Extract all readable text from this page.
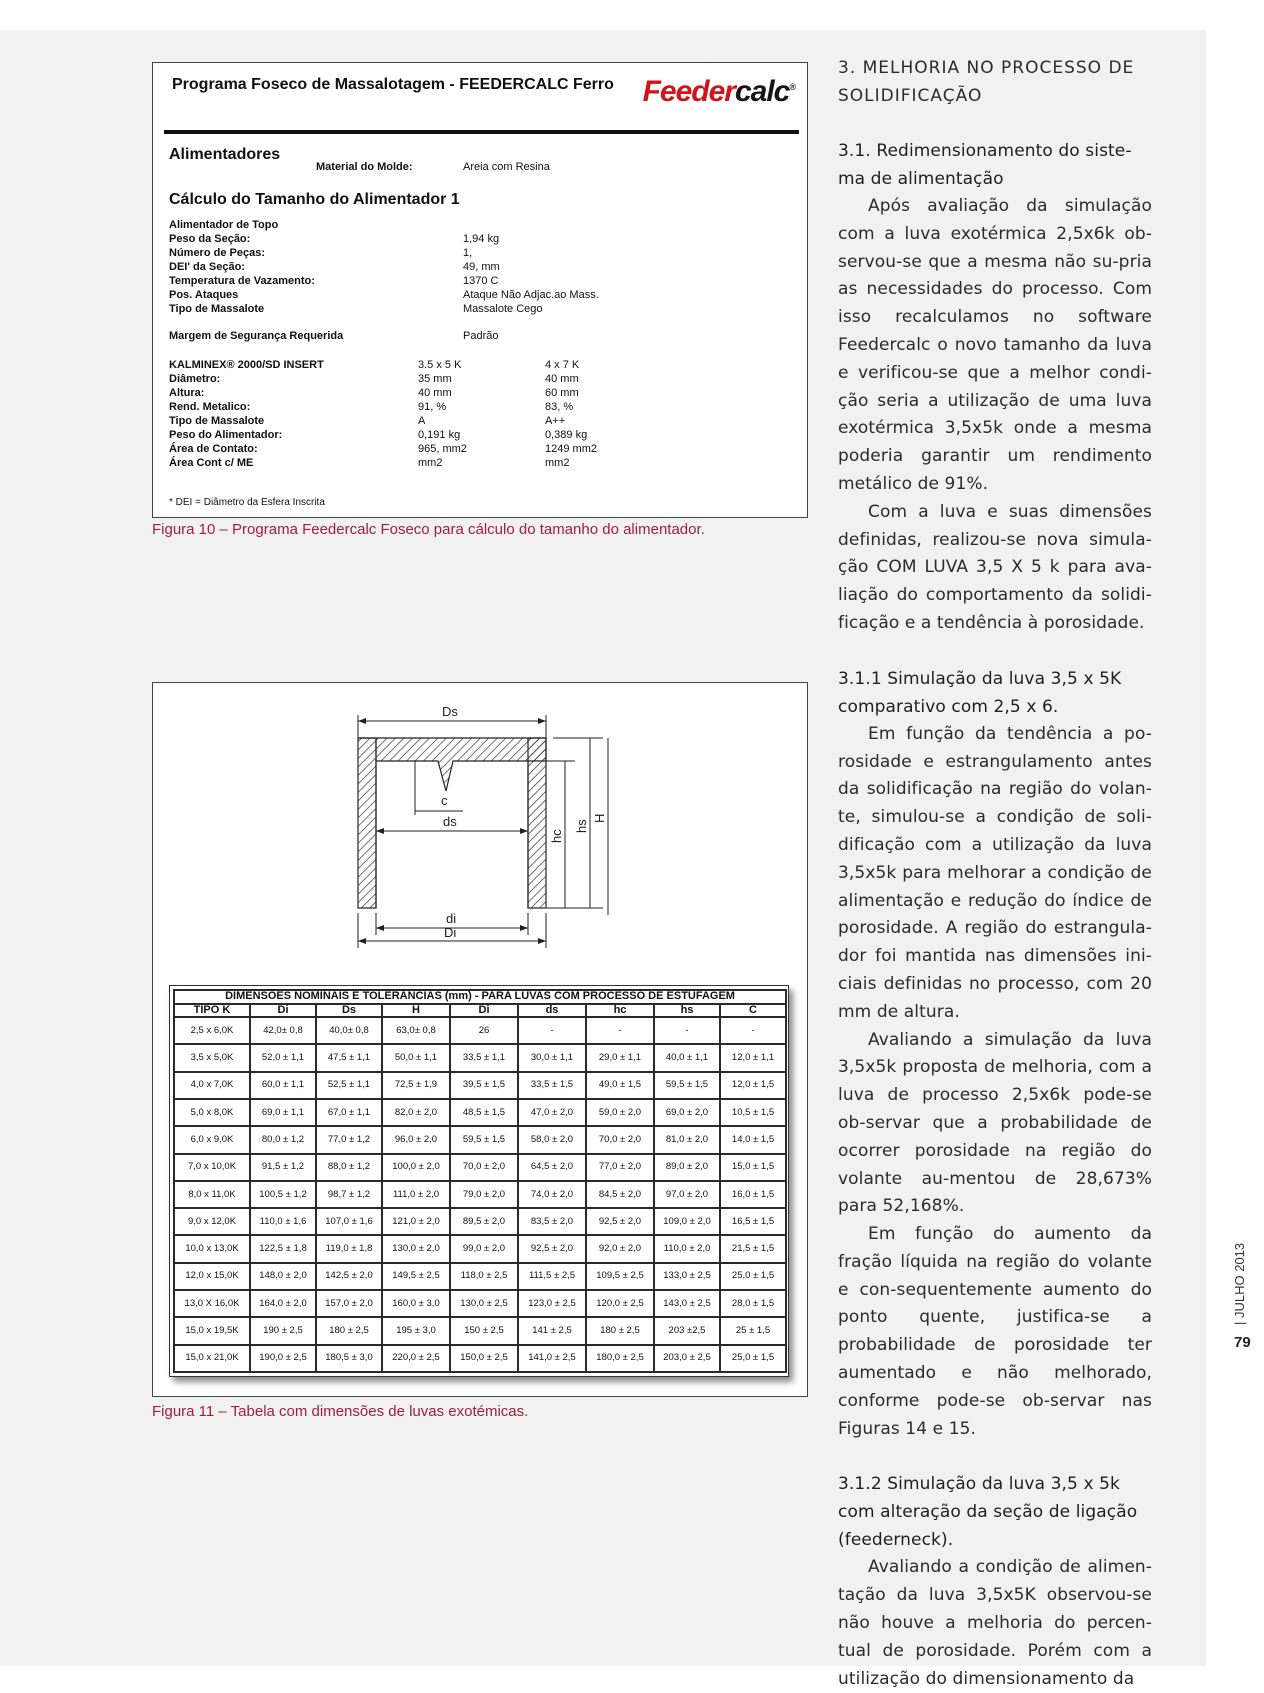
Programa Foseco de Massalotagem - FEEDERCALC Ferro Feedercalc®
Alimentadores
Material do Molde:	Areia com Resina
Cálculo do Tamanho do Alimentador 1
Alimentador de Topo
Peso da Seção:	1,94 kg
Número de Peças:	1,
DEI' da Seção:	49, mm
Temperatura de Vazamento:	1370 C
Pos. Ataques	Ataque Não Adjac.ao Mass.
Tipo de Massalote	Massalote Cego
Margem de Segurança Requerida	Padrão
KALMINEX® 2000/SD INSERT	3.5 x 5 K	4 x 7 K
Diâmetro:	35 mm	40 mm
Altura:	40 mm	60 mm
Rend. Metalico:	91, %	83, %
Tipo de Massalote	A	A++
Peso do Alimentador:	0,191 kg	0,389 kg
Área de Contato:	965, mm2	1249 mm2
Área Cont c/ ME	mm2	mm2
* DEI = Diâmetro da Esfera Inscrita
Figura 10 – Programa Feedercalc Foseco para cálculo do tamanho do alimentador.
Ds
c
ds
hc
hs
H
di
Di
DIMENSÕES NOMINAIS E TOLERÂNCIAS (mm) - PARA LUVAS COM PROCESSO DE ESTUFAGEM								
TIPO K	Di	Ds	H	Di	ds	hc	hs	C
2,5 x 6,0K	42,0± 0,8	40,0± 0,8	63,0± 0,8	26	-	-	-	-
3,5 x 5,0K	52,0 ± 1,1	47,5 ± 1,1	50,0 ± 1,1	33,5 ± 1,1	30,0 ± 1,1	29,0 ± 1,1	40,0 ± 1,1	12,0 ± 1,1
4,0 x 7,0K	60,0 ± 1,1	52,5 ± 1,1	72,5 ± 1,9	39,5 ± 1,5	33,5 ± 1,5	49,0 ± 1,5	59,5 ± 1,5	12,0 ± 1,5
5,0 x 8,0K	69,0 ± 1,1	67,0 ± 1,1	82,0 ± 2,0	48,5 ± 1,5	47,0 ± 2,0	59,0 ± 2,0	69,0 ± 2,0	10,5 ± 1,5
6,0 x 9,0K	80,0 ± 1,2	77,0 ± 1,2	96,0 ± 2,0	59,5 ± 1,5	58,0 ± 2,0	70,0 ± 2,0	81,0 ± 2,0	14,0 ± 1,5
7,0 x 10,0K	91,5 ± 1,2	88,0 ± 1,2	100,0 ± 2,0	70,0 ± 2,0	64,5 ± 2,0	77,0 ± 2,0	89,0 ± 2,0	15,0 ± 1,5
8,0 x 11,0K	100,5 ± 1,2	98,7 ± 1,2	111,0 ± 2,0	79,0 ± 2,0	74,0 ± 2,0	84,5 ± 2,0	97,0 ± 2,0	16,0 ± 1,5
9,0 x 12,0K	110,0 ± 1,6	107,0 ± 1,6	121,0 ± 2,0	89,5 ± 2,0	83,5 ± 2,0	92,5 ± 2,0	109,0 ± 2,0	16,5 ± 1,5
10,0 x 13,0K	122,5 ± 1,8	119,0 ± 1,8	130,0 ± 2,0	99,0 ± 2,0	92,5 ± 2,0	92,0 ± 2,0	110,0 ± 2,0	21,5 ± 1,5
12,0 x 15,0K	148,0 ± 2,0	142,5 ± 2,0	149,5 ± 2,5	118,0 ± 2,5	111,5 ± 2,5	109,5 ± 2,5	133,0 ± 2,5	25,0 ± 1,5
13,0 X 16,0K	164,0 ± 2,0	157,0 ± 2,0	160,0 ± 3,0	130,0 ± 2,5	123,0 ± 2,5	120,0 ± 2,5	143,0 ± 2,5	28,0 ± 1,5
15,0 x 19,5K	190 ± 2,5	180 ± 2,5	195 ± 3,0	150 ± 2,5	141 ± 2,5	180 ± 2,5	203 ±2,5	25 ± 1,5
15,0 x 21,0K	190,0 ± 2,5	180,5 ± 3,0	220,0 ± 2,5	150,0 ± 2,5	141,0 ± 2,5	180,0 ± 2,5	203,0 ± 2,5	25,0 ± 1,5
Figura 11 – Tabela com dimensões de luvas exotémicas.
3. MELHORIA NO PROCESSO DE SOLIDIFICAÇÃO
3.1. Redimensionamento do siste-ma de alimentação

Após avaliação da simulação com a luva exotérmica 2,5x6k ob-servou-se que a mesma não su-pria as necessidades do processo. Com isso recalculamos no software Feedercalc o novo tamanho da luva e verificou-se que a melhor condi-ção seria a utilização de uma luva exotérmica 3,5x5k onde a mesma poderia garantir um rendimento metálico de 91%.

Com a luva e suas dimensões definidas, realizou-se nova simula-ção COM LUVA 3,5 X 5 k para ava-liação do comportamento da solidi-ficação e a tendência à porosidade.

3.1.1 Simulação da luva 3,5 x 5K comparativo com 2,5 x 6.

Em função da tendência a po-rosidade e estrangulamento antes da solidificação na região do volan-te, simulou-se a condição de soli-dificação com a utilização da luva 3,5x5k para melhorar a condição de alimentação e redução do índice de porosidade. A região do estrangula-dor foi mantida nas dimensões ini-ciais definidas no processo, com 20 mm de altura.

Avaliando a simulação da luva 3,5x5k proposta de melhoria, com a luva de processo 2,5x6k pode-se ob-servar que a probabilidade de ocorrer porosidade na região do volante au-mentou de 28,673% para 52,168%.

Em função do aumento da fração líquida na região do volante e con-sequentemente aumento do ponto quente, justifica-se a probabilidade de porosidade ter aumentado e não melhorado, conforme pode-se ob-servar nas Figuras 14 e 15.

3.1.2 Simulação da luva 3,5 x 5k com alteração da seção de ligação (feederneck).

Avaliando a condição de alimen-tação da luva 3,5x5K observou-se não houve a melhoria do percen-tual de porosidade. Porém com a utilização do dimensionamento da

| JULHO 2013
79
